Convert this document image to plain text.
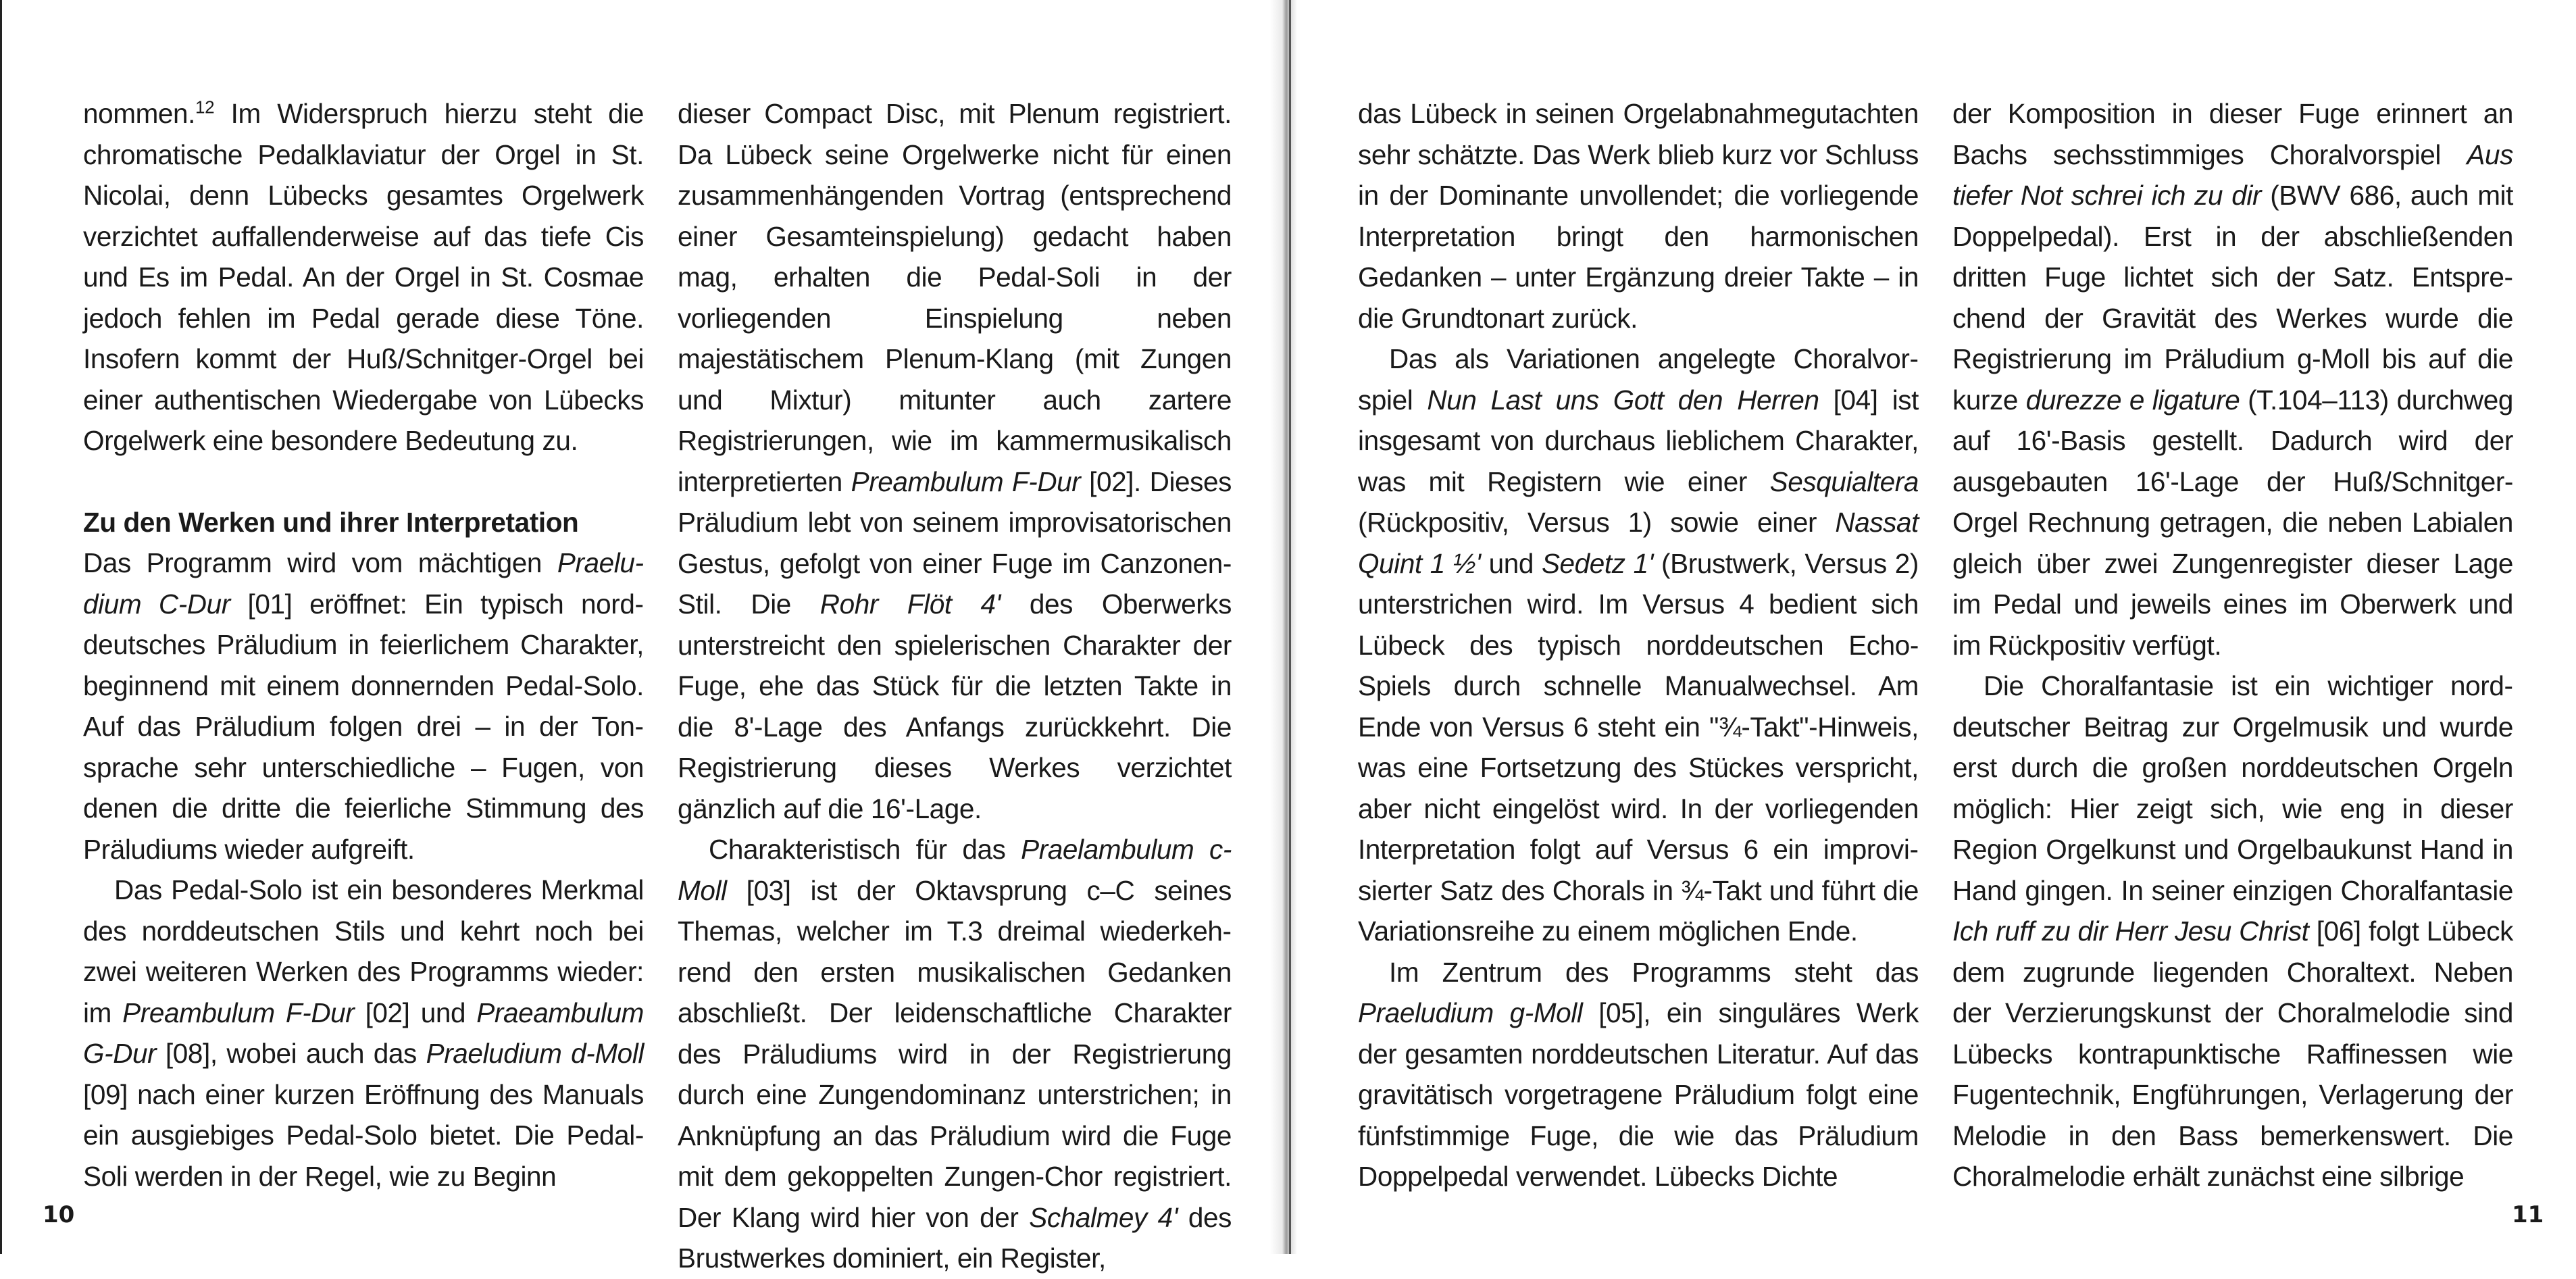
nommen.$^{12}$ Im Widerspruch hierzu steht die chromatische Pedalklaviatur der Orgel in St. Nicolai, denn Lübecks gesamtes Orgelwerk verzichtet auffallenderweise auf das tiefe Cis und Es im Pedal. An der Orgel in St. Cosmae jedoch fehlen im Pedal gerade diese Töne. Insofern kommt der Huß/Schnitger-Orgel bei einer authentischen Wiedergabe von Lübecks Orgelwerk eine besondere Bedeutung zu.

Zu den Werken und ihrer Interpretation

Das Programm wird vom mächtigen Praeludium C-Dur [01] eröffnet: Ein typisch norddeutsches Präludium in feierlichem Charakter, beginnend mit einem donnernden Pedal-Solo. Auf das Präludium folgen drei – in der Tonsprache sehr unterschiedliche – Fugen, von denen die dritte die feierliche Stimmung des Präludiums wieder aufgreift.

Das Pedal-Solo ist ein besonderes Merkmal des norddeutschen Stils und kehrt noch bei zwei weiteren Werken des Programms wieder: im Preambulum F-Dur [02] und Praeambulum G-Dur [08], wobei auch das Praeludium d-Moll [09] nach einer kurzen Eröffnung des Manuals ein ausgiebiges Pedal-Solo bietet. Die Pedal-Soli werden in der Regel, wie zu Beginn

dieser Compact Disc, mit Plenum registriert. Da Lübeck seine Orgelwerke nicht für einen zusammenhängenden Vortrag (entsprechend einer Gesamteinspielung) gedacht haben mag, erhalten die Pedal-Soli in der vorliegenden Einspielung neben majestätischem Plenum-Klang (mit Zungen und Mixtur) mitunter auch zartere Registrierungen, wie im kammermusikalisch interpretierten Preambulum F-Dur [02]. Dieses Präludium lebt von seinem improvisatorischen Gestus, gefolgt von einer Fuge im Canzonen-Stil. Die Rohr Flöt 4' des Oberwerks unterstreicht den spielerischen Charakter der Fuge, ehe das Stück für die letzten Takte in die 8'-Lage des Anfangs zurückkehrt. Die Registrierung dieses Werkes verzichtet gänzlich auf die 16'-Lage.

Charakteristisch für das Praelambulum c-Moll [03] ist der Oktavsprung c–C seines Themas, welcher im T.3 dreimal wiederkehrend den ersten musikalischen Gedanken abschließt. Der leidenschaftliche Charakter des Präludiums wird in der Registrierung durch eine Zungendominanz unterstrichen; in Anknüpfung an das Präludium wird die Fuge mit dem gekoppelten Zungen-Chor registriert. Der Klang wird hier von der Schalmey 4' des Brustwerkes dominiert, ein Register,

10

das Lübeck in seinen Orgelabnahmegutachten sehr schätzte. Das Werk blieb kurz vor Schluss in der Dominante unvollendet; die vorliegende Interpretation bringt den harmonischen Gedanken – unter Ergänzung dreier Takte – in die Grundtonart zurück.

Das als Variationen angelegte Choralvorspiel Nun Last uns Gott den Herren [04] ist insgesamt von durchaus lieblichem Charakter, was mit Registern wie einer Sesquialtera (Rückpositiv, Versus 1) sowie einer Nassat Quint 1 ½' und Sedetz 1' (Brustwerk, Versus 2) unterstrichen wird. Im Versus 4 bedient sich Lübeck des typisch norddeutschen Echo-Spiels durch schnelle Manualwechsel. Am Ende von Versus 6 steht ein "¾-Takt"-Hinweis, was eine Fortsetzung des Stückes verspricht, aber nicht eingelöst wird. In der vorliegenden Interpretation folgt auf Versus 6 ein improvisierter Satz des Chorals in ¾-Takt und führt die Variationsreihe zu einem möglichen Ende.

Im Zentrum des Programms steht das Praeludium g-Moll [05], ein singuläres Werk der gesamten norddeutschen Literatur. Auf das gravitätisch vorgetragene Präludium folgt eine fünfstimmige Fuge, die wie das Präludium Doppelpedal verwendet. Lübecks Dichte

der Komposition in dieser Fuge erinnert an Bachs sechsstimmiges Choralvorspiel Aus tiefer Not schrei ich zu dir (BWV 686, auch mit Doppelpedal). Erst in der abschließenden dritten Fuge lichtet sich der Satz. Entsprechend der Gravität des Werkes wurde die Registrierung im Präludium g-Moll bis auf die kurze durezze e ligature (T.104–113) durchweg auf 16'-Basis gestellt. Dadurch wird der ausgebauten 16'-Lage der Huß/Schnitger-Orgel Rechnung getragen, die neben Labialen gleich über zwei Zungenregister dieser Lage im Pedal und jeweils eines im Oberwerk und im Rückpositiv verfügt.

Die Choralfantasie ist ein wichtiger norddeutscher Beitrag zur Orgelmusik und wurde erst durch die großen norddeutschen Orgeln möglich: Hier zeigt sich, wie eng in dieser Region Orgelkunst und Orgelbaukunst Hand in Hand gingen. In seiner einzigen Choralfantasie Ich ruff zu dir Herr Jesu Christ [06] folgt Lübeck dem zugrunde liegenden Choraltext. Neben der Verzierungskunst der Choralmelodie sind Lübecks kontrapunktische Raffinessen wie Fugentechnik, Engführungen, Verlagerung der Melodie in den Bass bemerkenswert. Die Choralmelodie erhält zunächst eine silbrige

11
